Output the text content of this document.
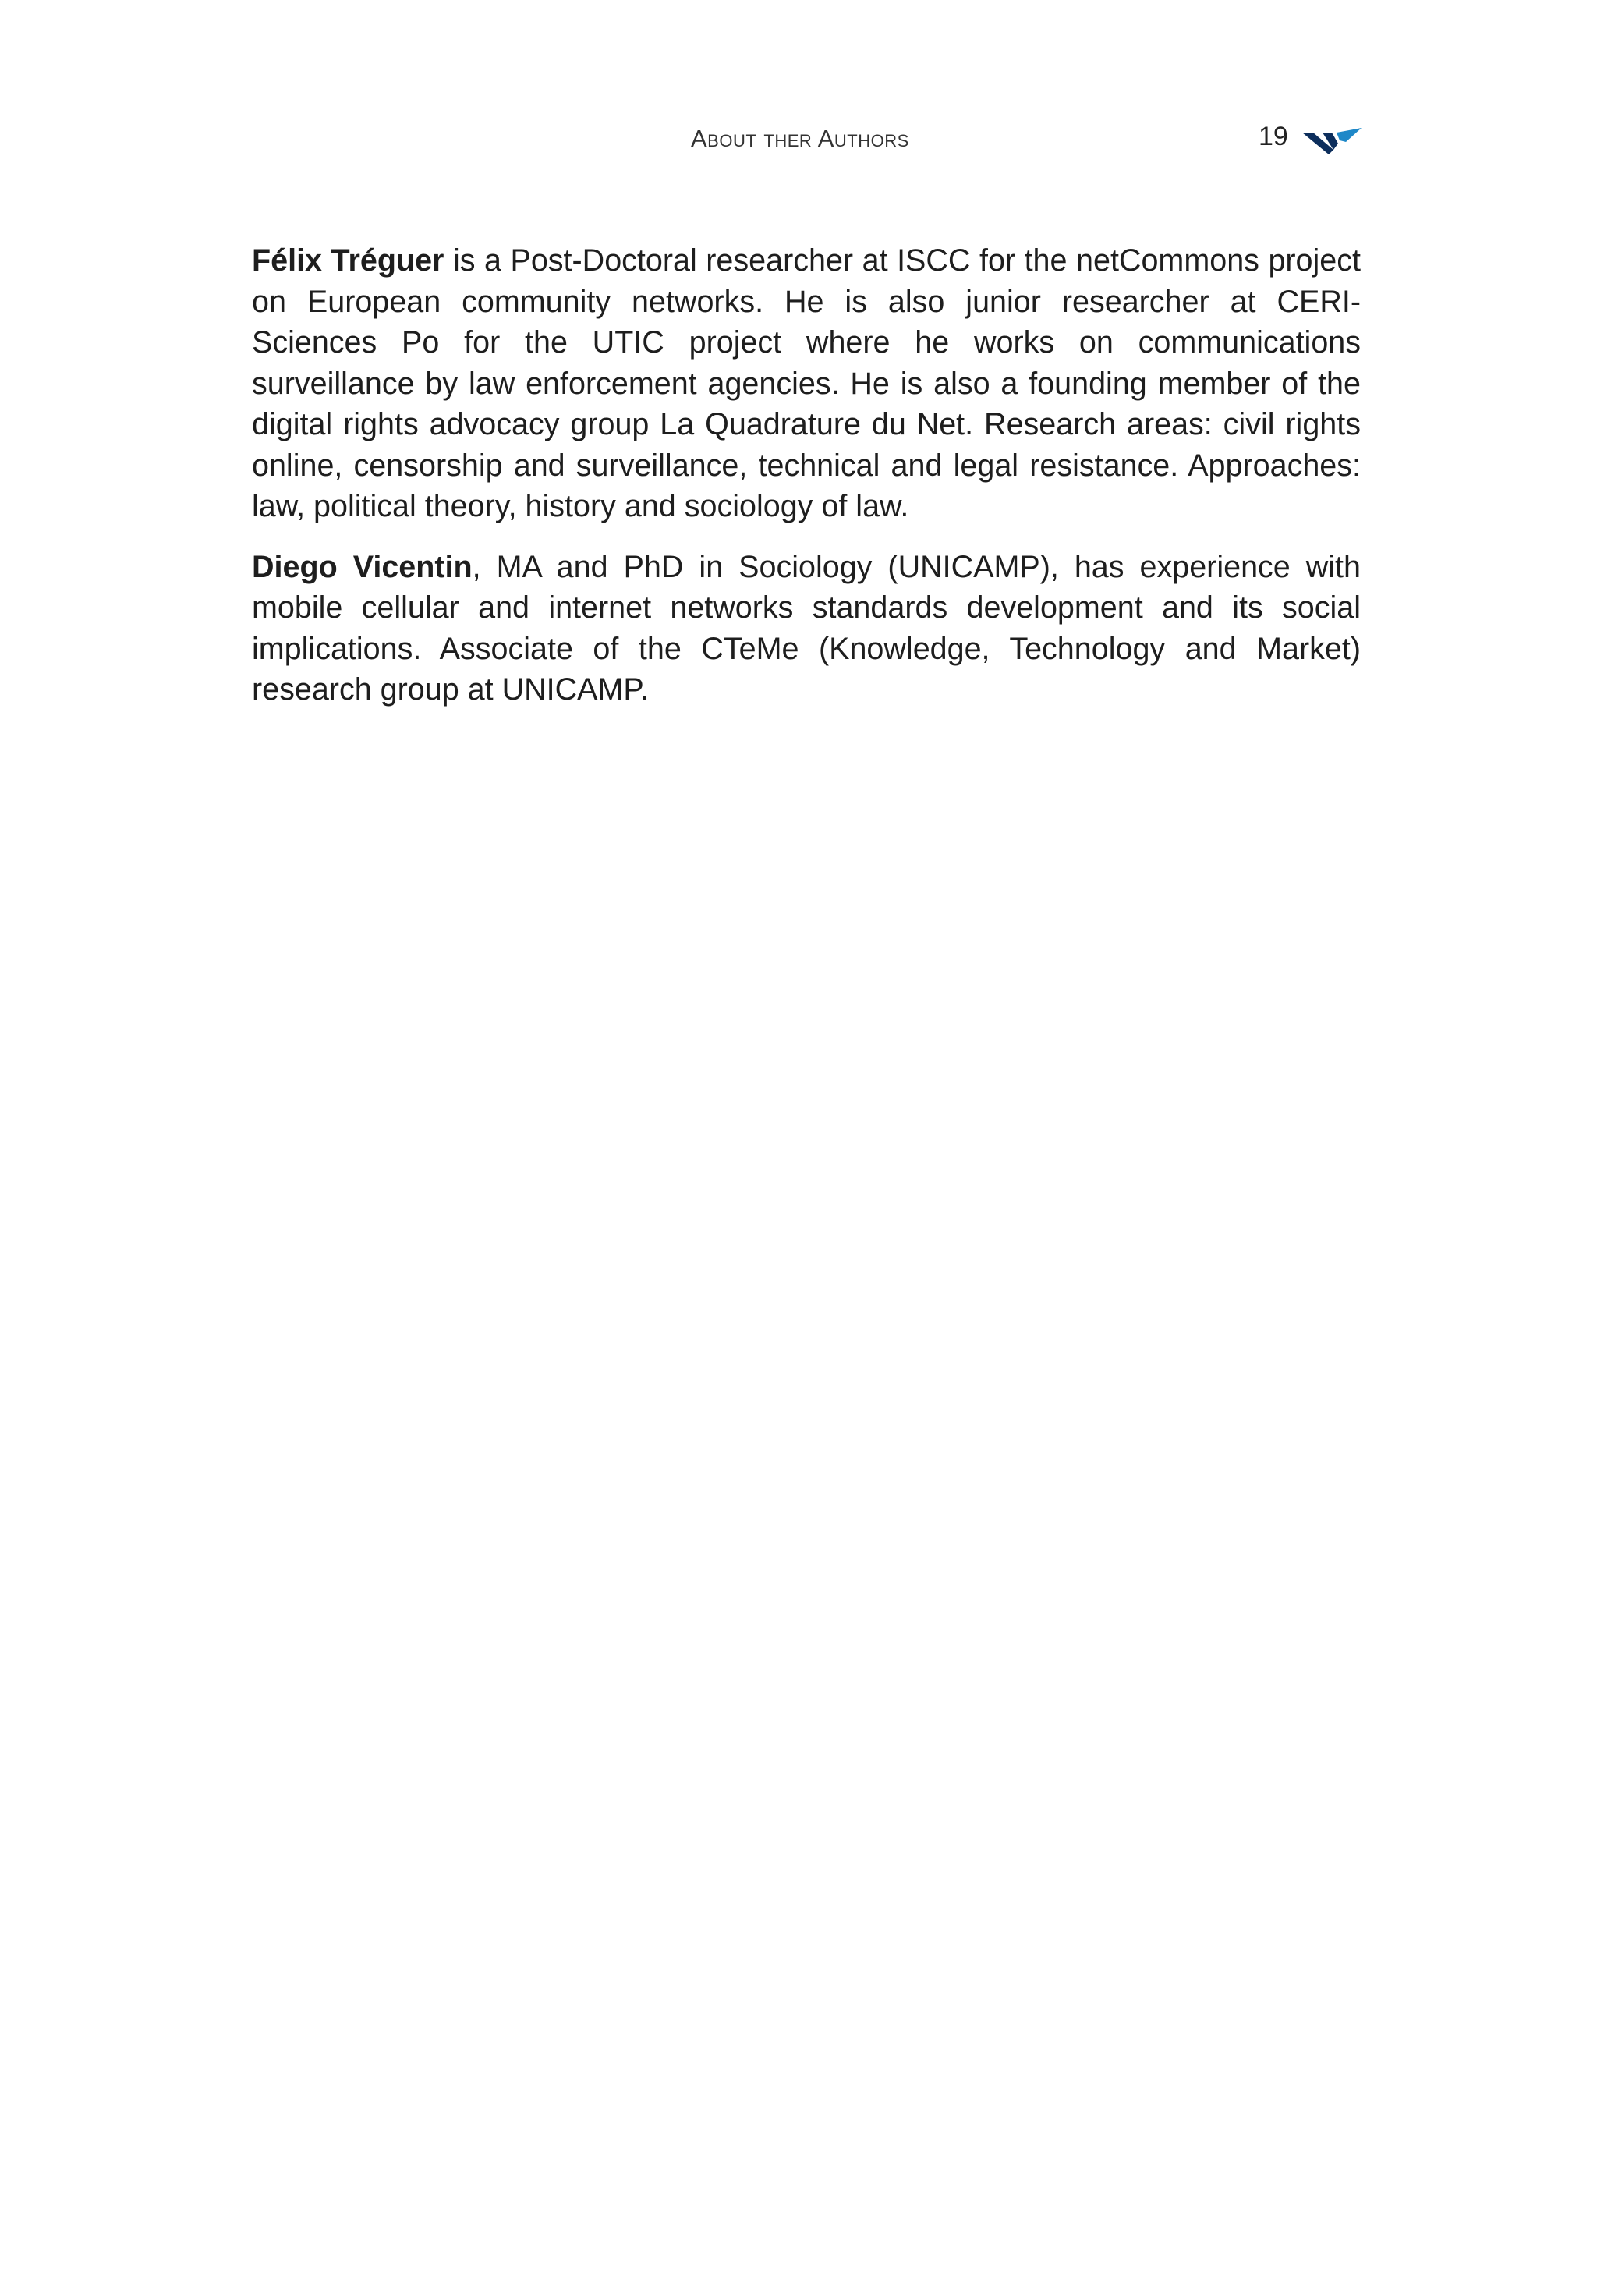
About ther Authors	19

Félix Tréguer is a Post-Doctoral researcher at ISCC for the netCommons project on European community networks. He is also junior researcher at CERI-Sciences Po for the UTIC project where he works on communications surveillance by law enforcement agencies. He is also a founding member of the digital rights advocacy group La Quadrature du Net. Research areas: civil rights online, censorship and surveillance, technical and legal resistance. Approaches: law, political theory, history and sociology of law.

Diego Vicentin, MA and PhD in Sociology (UNICAMP), has experience with mobile cellular and internet networks standards development and its social implications. Associate of the CTeMe (Knowledge, Technology and Market) research group at UNICAMP.
